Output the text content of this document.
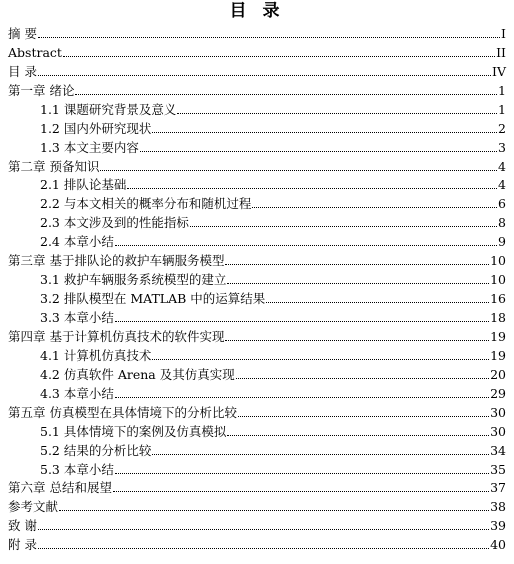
目 录
摘 要	I
Abstract	II
目 录	IV
第一章 绪论	1
1.1 课题研究背景及意义	1
1.2 国内外研究现状	2
1.3 本文主要内容	3
第二章 预备知识	4
2.1 排队论基础	4
2.2 与本文相关的概率分布和随机过程	6
2.3 本文涉及到的性能指标	8
2.4 本章小结	9
第三章 基于排队论的救护车辆服务模型	10
3.1 救护车辆服务系统模型的建立	10
3.2 排队模型在 MATLAB 中的运算结果	16
3.3 本章小结	18
第四章 基于计算机仿真技术的软件实现	19
4.1 计算机仿真技术	19
4.2 仿真软件 Arena 及其仿真实现	20
4.3 本章小结	29
第五章 仿真模型在具体情境下的分析比较	30
5.1 具体情境下的案例及仿真模拟	30
5.2 结果的分析比较	34
5.3 本章小结	35
第六章 总结和展望	37
参考文献	38
致 谢	39
附 录	40
